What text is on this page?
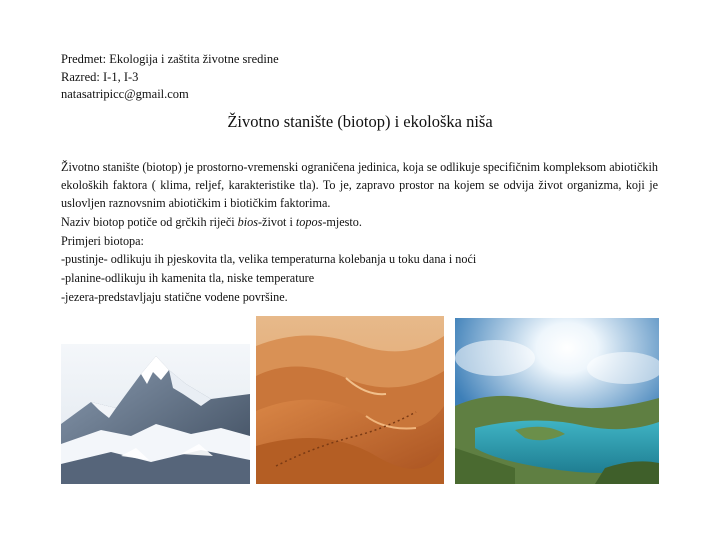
Predmet: Ekologija i zaštita životne sredine
Razred: I-1, I-3
natasatripicc@gmail.com
Životno stanište (biotop) i ekološka niša

Životno stanište (biotop) je prostorno-vremenski ograničena jedinica, koja se odlikuje specifičnim kompleksom abiotičkih ekoloških faktora ( klima, reljef, karakteristike tla). To je, zapravo prostor na kojem se odvija život organizma, koji je uslovljen raznovsnim abiotičkim i biotičkim faktorima.

Naziv biotop potiče od grčkih riječi bios-život i topos-mjesto.
Primjeri biotopa:
-pustinje- odlikuju ih pjeskovita tla, velika temperaturna kolebanja u toku dana i noći
-planine-odlikuju ih kamenita tla, niske temperature
-jezera-predstavljaju statične vodene površine.
